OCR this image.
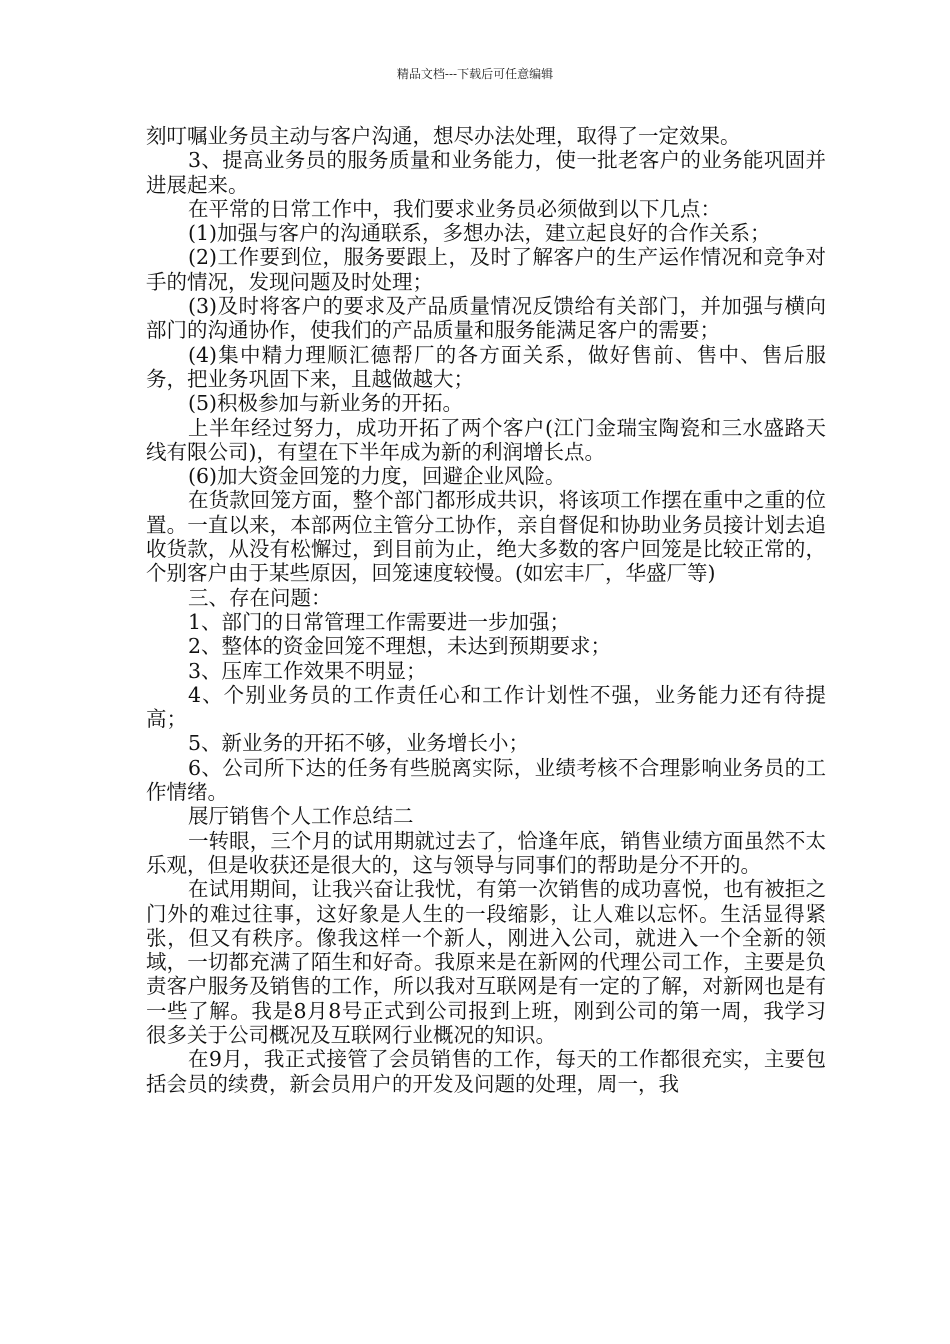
精品文档---下载后可任意编辑

刻叮嘱业务员主动与客户沟通，想尽办法处理，取得了一定效果。

3、提高业务员的服务质量和业务能力，使一批老客户的业务能巩固并进展起来。

在平常的日常工作中，我们要求业务员必须做到以下几点：

(1)加强与客户的沟通联系，多想办法，建立起良好的合作关系；

(2)工作要到位，服务要跟上，及时了解客户的生产运作情况和竞争对手的情况，发现问题及时处理；

(3)及时将客户的要求及产品质量情况反馈给有关部门，并加强与横向部门的沟通协作，使我们的产品质量和服务能满足客户的需要；

(4)集中精力理顺汇德帮厂的各方面关系，做好售前、售中、售后服务，把业务巩固下来，且越做越大；

(5)积极参加与新业务的开拓。

上半年经过努力，成功开拓了两个客户(江门金瑞宝陶瓷和三水盛路天线有限公司)，有望在下半年成为新的利润增长点。

(6)加大资金回笼的力度，回避企业风险。

在货款回笼方面，整个部门都形成共识，将该项工作摆在重中之重的位置。一直以来，本部两位主管分工协作，亲自督促和协助业务员接计划去追收货款，从没有松懈过，到目前为止，绝大多数的客户回笼是比较正常的，个别客户由于某些原因，回笼速度较慢。(如宏丰厂，华盛厂等)

三、存在问题：

1、部门的日常管理工作需要进一步加强；

2、整体的资金回笼不理想，未达到预期要求；

3、压库工作效果不明显；

4、个别业务员的工作责任心和工作计划性不强，业务能力还有待提高；

5、新业务的开拓不够，业务增长小；

6、公司所下达的任务有些脱离实际，业绩考核不合理影响业务员的工作情绪。

展厅销售个人工作总结二

一转眼，三个月的试用期就过去了，恰逢年底，销售业绩方面虽然不太乐观，但是收获还是很大的，这与领导与同事们的帮助是分不开的。

在试用期间，让我兴奋让我忧，有第一次销售的成功喜悦，也有被拒之门外的难过往事，这好象是人生的一段缩影，让人难以忘怀。生活显得紧张，但又有秩序。像我这样一个新人，刚进入公司，就进入一个全新的领域，一切都充满了陌生和好奇。我原来是在新网的代理公司工作，主要是负责客户服务及销售的工作，所以我对互联网是有一定的了解，对新网也是有一些了解。我是8月8号正式到公司报到上班，刚到公司的第一周，我学习很多关于公司概况及互联网行业概况的知识。

在9月，我正式接管了会员销售的工作，每天的工作都很充实，主要包括会员的续费，新会员用户的开发及问题的处理，周一，我
